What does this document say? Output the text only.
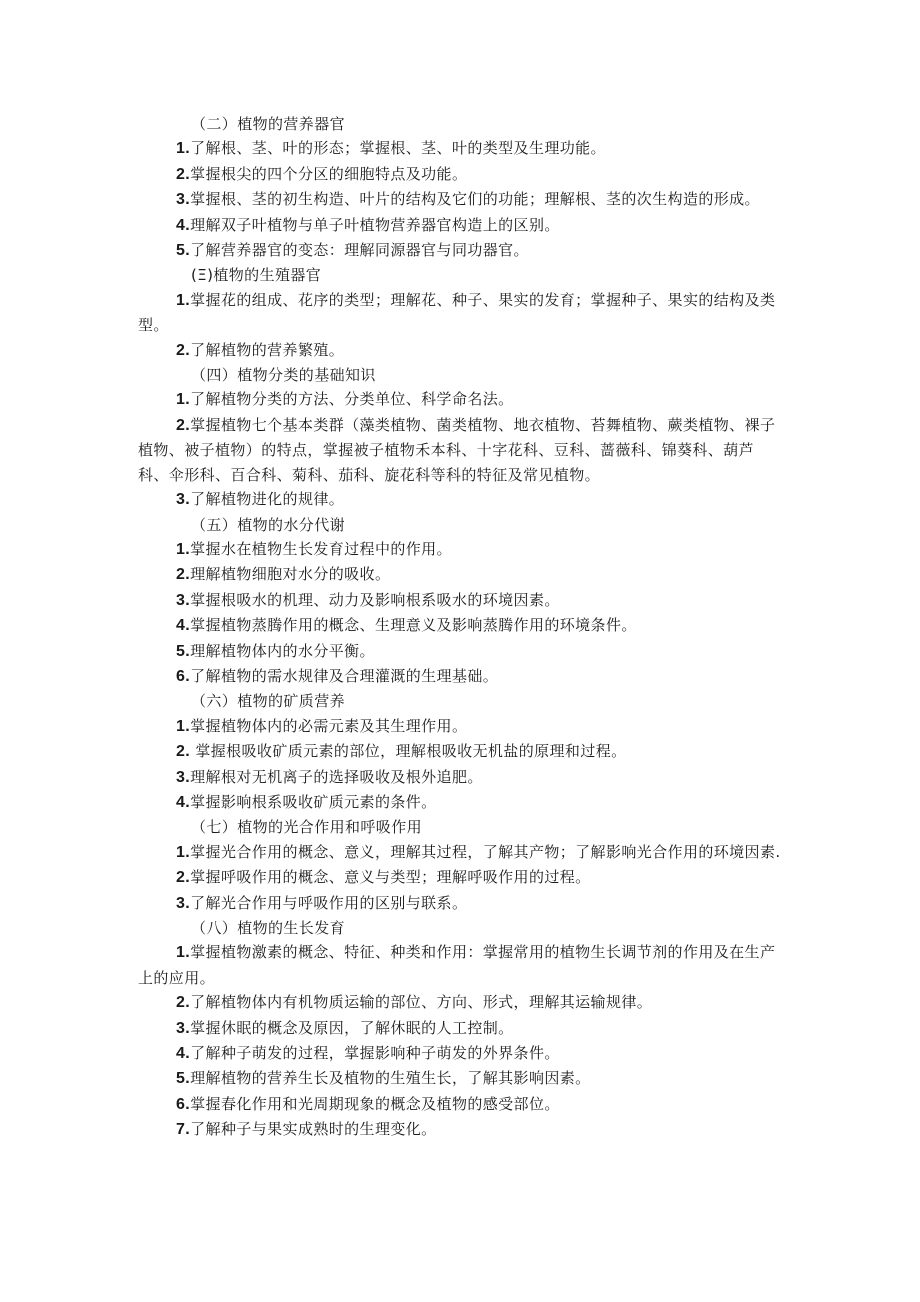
（二）植物的营养器官
1.了解根、茎、叶的形态；掌握根、茎、叶的类型及生理功能。
2.掌握根尖的四个分区的细胞特点及功能。
3.掌握根、茎的初生构造、叶片的结构及它们的功能；理解根、茎的次生构造的形成。
4.理解双子叶植物与单子叶植物营养器官构造上的区别。
5.了解营养器官的变态：理解同源器官与同功器官。
(Ξ)植物的生殖器官
1.掌握花的组成、花序的类型；理解花、种子、果实的发育；掌握种子、果实的结构及类型。
2.了解植物的营养繁殖。
（四）植物分类的基础知识
1.了解植物分类的方法、分类单位、科学命名法。
2.掌握植物七个基本类群（藻类植物、菌类植物、地衣植物、苔舞植物、蕨类植物、裸子植物、被子植物）的特点，掌握被子植物禾本科、十字花科、豆科、蔷薇科、锦葵科、葫芦科、伞形科、百合科、菊科、茄科、旋花科等科的特征及常见植物。
3.了解植物进化的规律。
（五）植物的水分代谢
1.掌握水在植物生长发育过程中的作用。
2.理解植物细胞对水分的吸收。
3.掌握根吸水的机理、动力及影响根系吸水的环境因素。
4.掌握植物蒸腾作用的概念、生理意义及影响蒸腾作用的环境条件。
5.理解植物体内的水分平衡。
6.了解植物的需水规律及合理灌溉的生理基础。
（六）植物的矿质营养
1.掌握植物体内的必需元素及其生理作用。
2. 掌握根吸收矿质元素的部位，理解根吸收无机盐的原理和过程。
3.理解根对无机离子的选择吸收及根外追肥。
4.掌握影响根系吸收矿质元素的条件。
（七）植物的光合作用和呼吸作用
1.掌握光合作用的概念、意义，理解其过程，了解其产物；了解影响光合作用的环境因素.
2.掌握呼吸作用的概念、意义与类型；理解呼吸作用的过程。
3.了解光合作用与呼吸作用的区别与联系。
（八）植物的生长发育
1.掌握植物激素的概念、特征、种类和作用：掌握常用的植物生长调节剂的作用及在生产上的应用。
2.了解植物体内有机物质运输的部位、方向、形式，理解其运输规律。
3.掌握休眠的概念及原因，了解休眠的人工控制。
4.了解种子萌发的过程，掌握影响种子萌发的外界条件。
5.理解植物的营养生长及植物的生殖生长，了解其影响因素。
6.掌握春化作用和光周期现象的概念及植物的感受部位。
7.了解种子与果实成熟时的生理变化。
